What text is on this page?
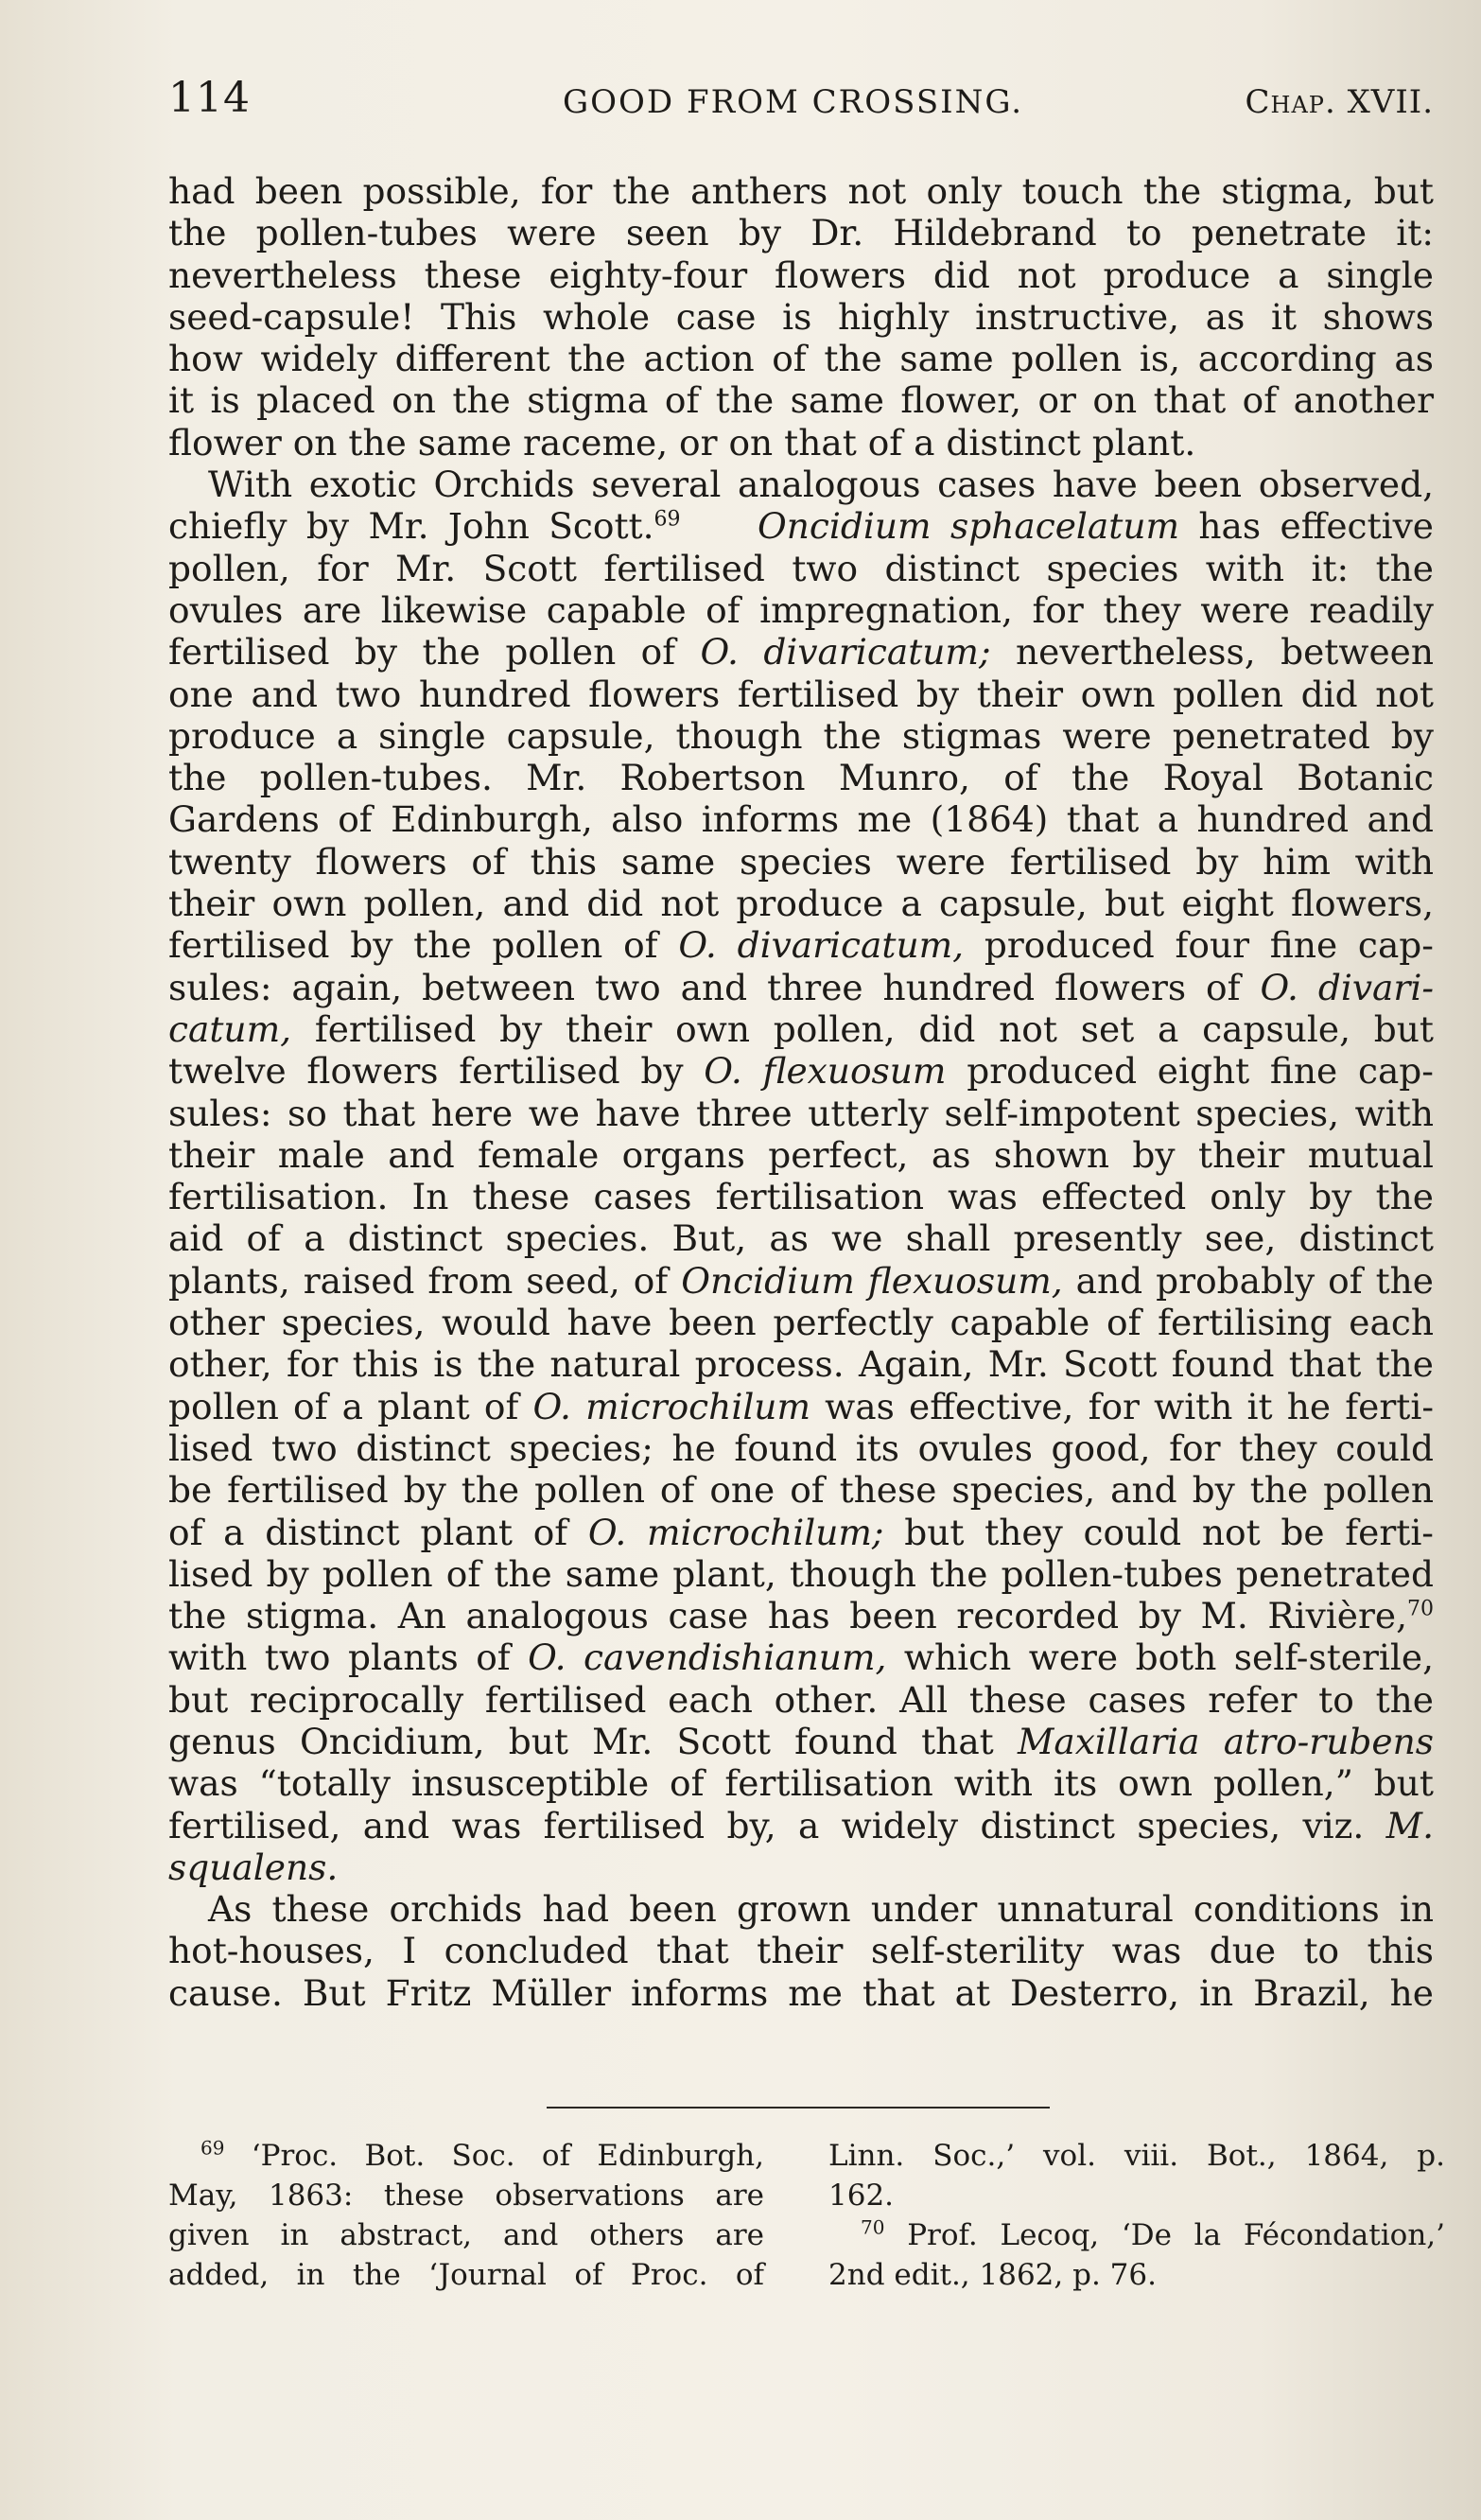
114	GOOD FROM CROSSING.	Chap. XVII.

had been possible, for the anthers not only touch the stigma, but
the pollen-tubes were seen by Dr. Hildebrand to penetrate it:
nevertheless these eighty-four flowers did not produce a single
seed-capsule! This whole case is highly instructive, as it shows
how widely different the action of the same pollen is, according as
it is placed on the stigma of the same flower, or on that of another
flower on the same raceme, or on that of a distinct plant.

With exotic Orchids several analogous cases have been observed,
chiefly by Mr. John Scott.$^{69}$ Oncidium sphacelatum has effective
pollen, for Mr. Scott fertilised two distinct species with it: the
ovules are likewise capable of impregnation, for they were readily
fertilised by the pollen of O. divaricatum; nevertheless, between
one and two hundred flowers fertilised by their own pollen did not
produce a single capsule, though the stigmas were penetrated by
the pollen-tubes. Mr. Robertson Munro, of the Royal Botanic
Gardens of Edinburgh, also informs me (1864) that a hundred and
twenty flowers of this same species were fertilised by him with
their own pollen, and did not produce a capsule, but eight flowers,
fertilised by the pollen of O. divaricatum, produced four fine cap-
sules: again, between two and three hundred flowers of O. divari-
catum, fertilised by their own pollen, did not set a capsule, but
twelve flowers fertilised by O. flexuosum produced eight fine cap-
sules: so that here we have three utterly self-impotent species, with
their male and female organs perfect, as shown by their mutual
fertilisation. In these cases fertilisation was effected only by the
aid of a distinct species. But, as we shall presently see, distinct
plants, raised from seed, of Oncidium flexuosum, and probably of the
other species, would have been perfectly capable of fertilising each
other, for this is the natural process. Again, Mr. Scott found that the
pollen of a plant of O. microchilum was effective, for with it he ferti-
lised two distinct species; he found its ovules good, for they could
be fertilised by the pollen of one of these species, and by the pollen
of a distinct plant of O. microchilum; but they could not be ferti-
lised by pollen of the same plant, though the pollen-tubes penetrated
the stigma. An analogous case has been recorded by M. Rivière,$^{70}$
with two plants of O. cavendishianum, which were both self-sterile,
but reciprocally fertilised each other. All these cases refer to the
genus Oncidium, but Mr. Scott found that Maxillaria atro-rubens
was “totally insusceptible of fertilisation with its own pollen,” but
fertilised, and was fertilised by, a widely distinct species, viz. M.
squalens.

As these orchids had been grown under unnatural conditions in
hot-houses, I concluded that their self-sterility was due to this
cause. But Fritz Müller informs me that at Desterro, in Brazil, he

$^{69}$ ‘Proc. Bot. Soc. of Edinburgh,
May, 1863: these observations are
given in abstract, and others are
added, in the ‘Journal of Proc. of
Linn. Soc.,’ vol. viii. Bot., 1864, p.
162.
$^{70}$ Prof. Lecoq, ‘De la Fécondation,’
2nd edit., 1862, p. 76.
